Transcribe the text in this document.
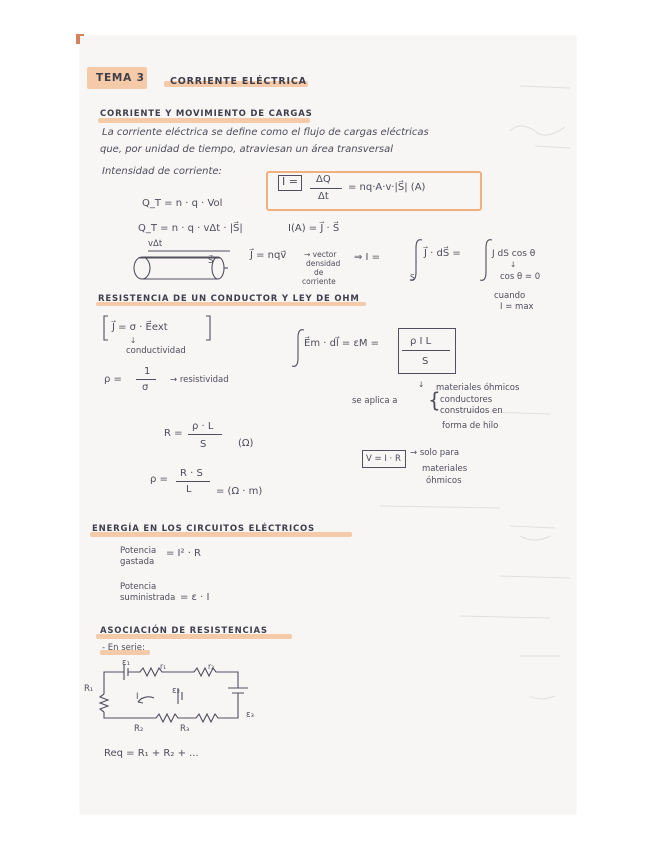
TEMA 3	CORRIENTE ELÉCTRICA
CORRIENTE Y MOVIMIENTO DE CARGAS
La corriente eléctrica se define como el flujo de cargas eléctricas
que, por unidad de tiempo, atraviesan un área transversal
Intensidad de corriente:
I = ΔQ
Δt
= nq·A·v·|S⃗| (A)
Q_T = n · q · Vol
Q_T = n · q · vΔt · |S⃗|	I(A) = J⃗ · S⃗
vΔt
S⃗	J⃗ = nqv⃗ → vector
densidad
de
corriente
⇒ I =
S
J⃗ · dS⃗ =	J dS cos θ
↓
cos θ = 0
cuando
I = max
RESISTENCIA DE UN CONDUCTOR Y LEY DE OHM
J⃗ = σ · E⃗ext
↓
conductividad
ρ =
1
σ
→ resistividad
E⃗m · dl⃗ = εM =	ρ I L
S
↓
se aplica a {
materiales óhmicos
conductores
construidos en
forma de hilo
R =
ρ · L
S	(Ω)
ρ =
R · S
L = (Ω · m)
V = I · R
→ solo para
materiales
óhmicos
ENERGÍA EN LOS CIRCUITOS ELÉCTRICOS
Potencia
gastada
= I² · R
Potencia
suministrada = ε · I
ASOCIACIÓN DE RESISTENCIAS
- En serie:
ε₁	r₁	r₂
R₁
I
ε₂
ε₃
R₂	R₃
Req = R₁ + R₂ + ...
